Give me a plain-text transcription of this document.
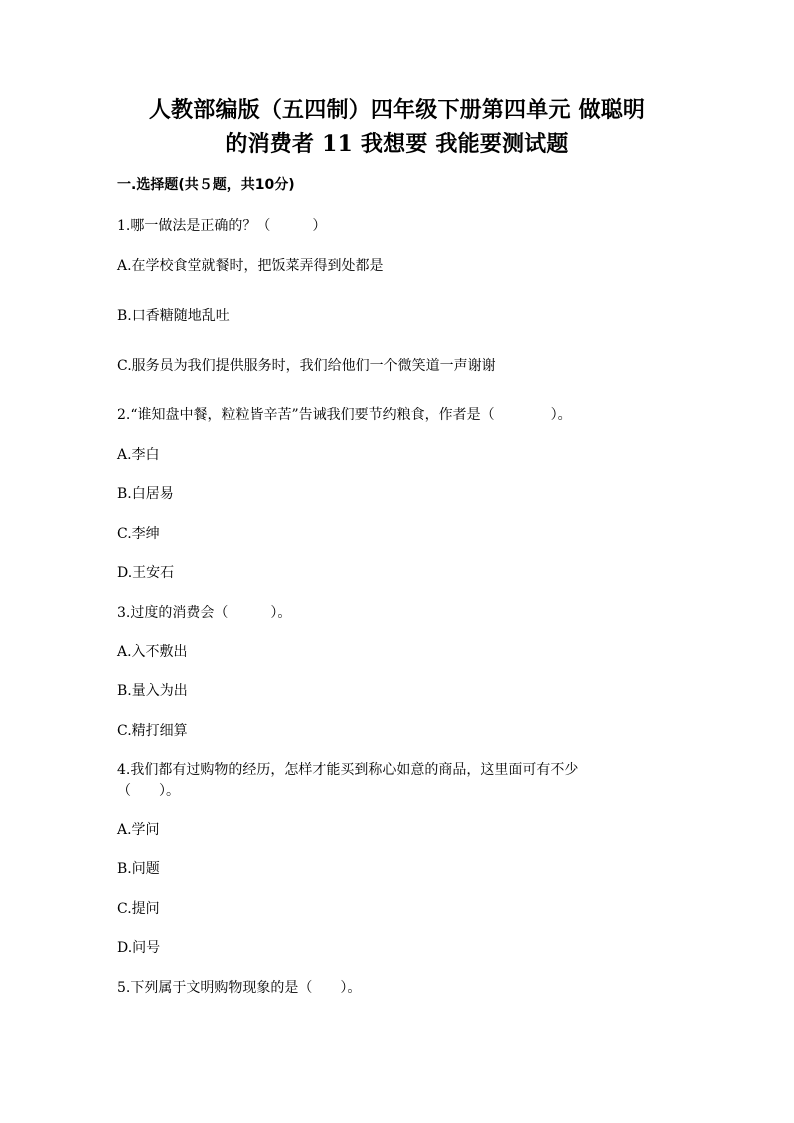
人教部编版（五四制）四年级下册第四单元 做聪明
的消费者 11 我想要 我能要测试题
一.选择题(共５题，共10分)
1.哪一做法是正确的？（　　　）
A.在学校食堂就餐时，把饭菜弄得到处都是
B.口香糖随地乱吐
C.服务员为我们提供服务时，我们给他们一个微笑道一声谢谢
2.“谁知盘中餐，粒粒皆辛苦”告诫我们要节约粮食，作者是（　　　　）。
A.李白
B.白居易
C.李绅
D.王安石
3.过度的消费会（　　　）。
A.入不敷出
B.量入为出
C.精打细算
4.我们都有过购物的经历，怎样才能买到称心如意的商品，这里面可有不少
（　　）。
A.学问
B.问题
C.提问
D.问号
5.下列属于文明购物现象的是（　　）。
